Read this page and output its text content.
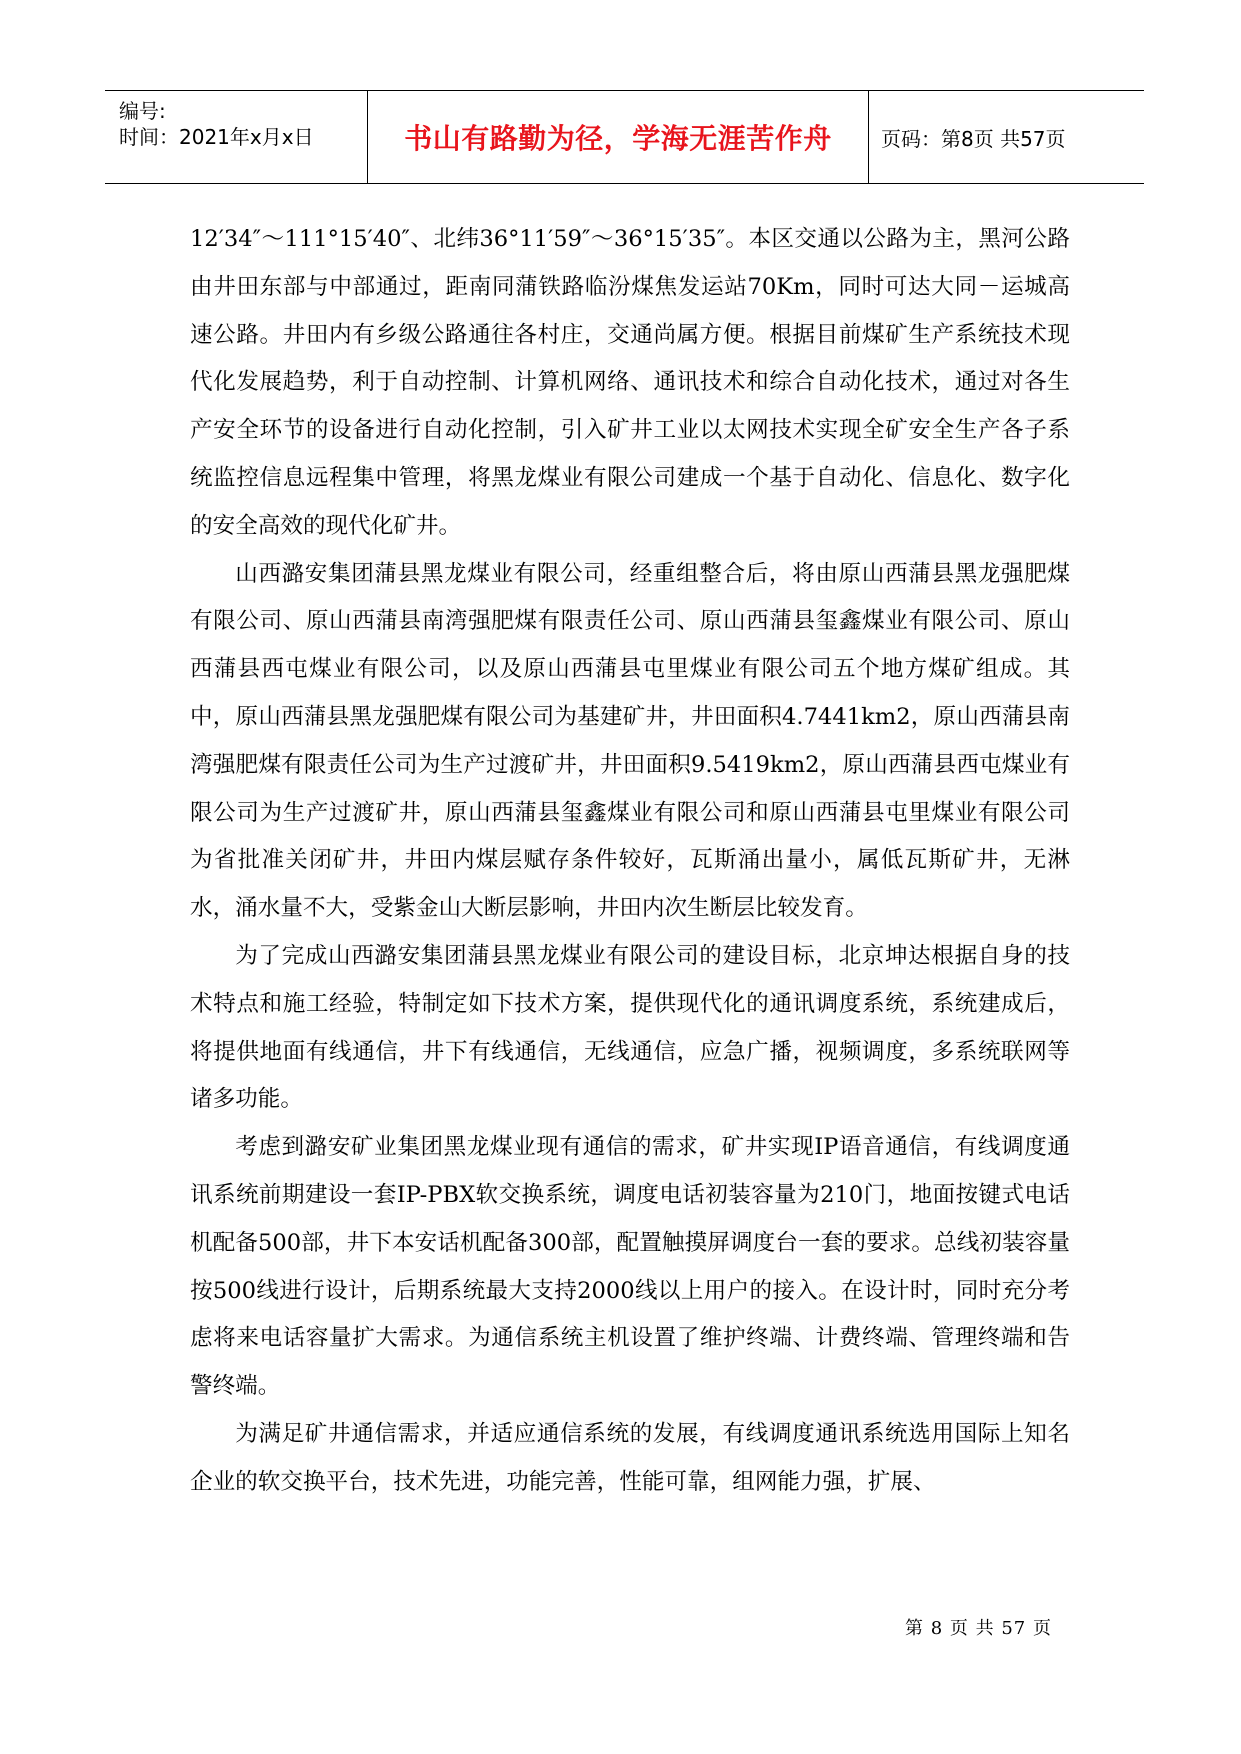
编号:
时间：2021年x月x日	书山有路勤为径，学海无涯苦作舟 页码：第8页 共57页

12′34″～111°15′40″、北纬36°11′59″～36°15′35″。本区交通以公路为主，黑河公路由井田东部与中部通过，距南同蒲铁路临汾煤焦发运站70Km，同时可达大同－运城高速公路。井田内有乡级公路通往各村庄，交通尚属方便。根据目前煤矿生产系统技术现代化发展趋势，利于自动控制、计算机网络、通讯技术和综合自动化技术，通过对各生产安全环节的设备进行自动化控制，引入矿井工业以太网技术实现全矿安全生产各子系统监控信息远程集中管理，将黑龙煤业有限公司建成一个基于自动化、信息化、数字化的安全高效的现代化矿井。

山西潞安集团蒲县黑龙煤业有限公司，经重组整合后，将由原山西蒲县黑龙强肥煤有限公司、原山西蒲县南湾强肥煤有限责任公司、原山西蒲县玺鑫煤业有限公司、原山西蒲县西屯煤业有限公司，以及原山西蒲县屯里煤业有限公司五个地方煤矿组成。其中，原山西蒲县黑龙强肥煤有限公司为基建矿井，井田面积4.7441km2，原山西蒲县南湾强肥煤有限责任公司为生产过渡矿井，井田面积9.5419km2，原山西蒲县西屯煤业有限公司为生产过渡矿井，原山西蒲县玺鑫煤业有限公司和原山西蒲县屯里煤业有限公司为省批准关闭矿井，井田内煤层赋存条件较好，瓦斯涌出量小，属低瓦斯矿井，无淋水，涌水量不大，受紫金山大断层影响，井田内次生断层比较发育。

为了完成山西潞安集团蒲县黑龙煤业有限公司的建设目标，北京坤达根据自身的技术特点和施工经验，特制定如下技术方案，提供现代化的通讯调度系统，系统建成后，将提供地面有线通信，井下有线通信，无线通信，应急广播，视频调度，多系统联网等诸多功能。

考虑到潞安矿业集团黑龙煤业现有通信的需求，矿井实现IP语音通信，有线调度通讯系统前期建设一套IP-PBX软交换系统，调度电话初装容量为210门，地面按键式电话机配备500部，井下本安话机配备300部，配置触摸屏调度台一套的要求。总线初装容量按500线进行设计，后期系统最大支持2000线以上用户的接入。在设计时，同时充分考虑将来电话容量扩大需求。为通信系统主机设置了维护终端、计费终端、管理终端和告警终端。

为满足矿井通信需求，并适应通信系统的发展，有线调度通讯系统选用国际上知名企业的软交换平台，技术先进，功能完善，性能可靠，组网能力强，扩展、

第 8 页 共 57 页
